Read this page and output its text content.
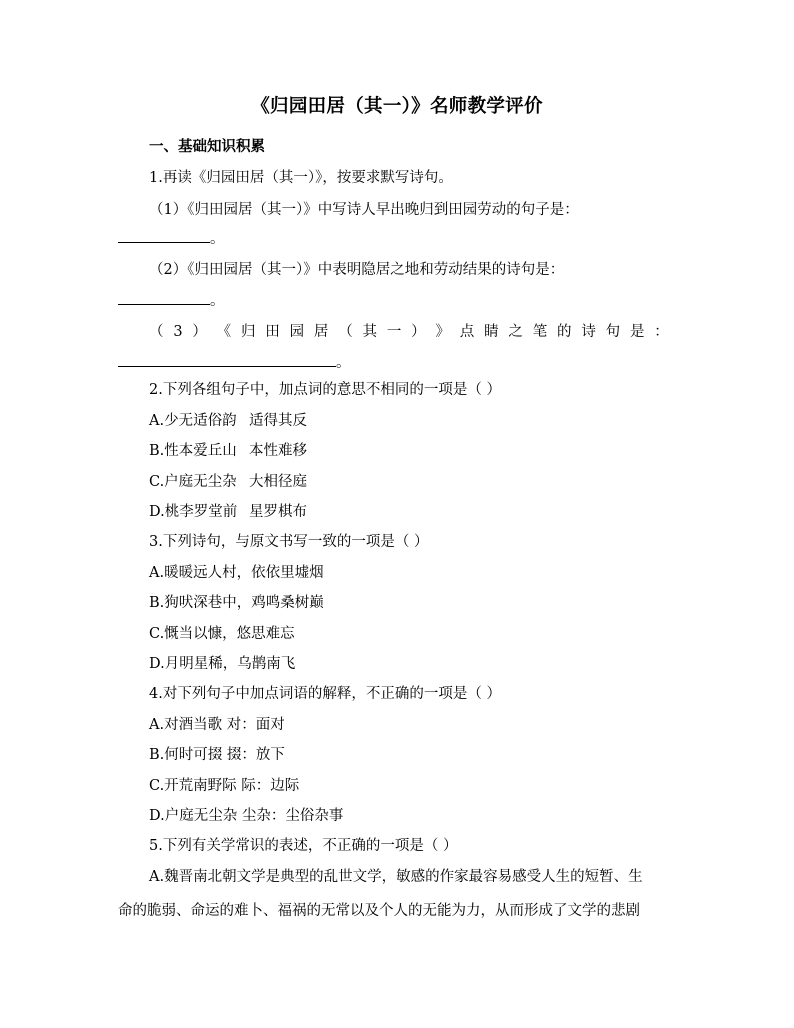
《归园田居（其一）》名师教学评价
一、基础知识积累
1.再读《归园田居（其一）》，按要求默写诗句。
（1）《归田园居（其一）》中写诗人早出晚归到田园劳动的句子是：
。
（2）《归田园居（其一）》中表明隐居之地和劳动结果的诗句是：
。
（ 3 ） 《 归 田 园 居 （ 其 一 ） 》 点 睛 之 笔 的 诗 句 是 ：
。
2.下列各组句子中，加点词的意思不相同的一项是（ ）
A.少无适俗韵 适得其反
B.性本爱丘山 本性难移
C.户庭无尘杂 大相径庭
D.桃李罗堂前 星罗棋布
3.下列诗句，与原文书写一致的一项是（ ）
A.暖暖远人村，依依里墟烟
B.狗吠深巷中，鸡鸣桑树巅
C.慨当以慷，悠思难忘
D.月明星稀，乌鹊南飞
4.对下列句子中加点词语的解释，不正确的一项是（ ）
A.对酒当歌 对：面对
B.何时可掇 掇：放下
C.开荒南野际 际：边际
D.户庭无尘杂 尘杂：尘俗杂事
5.下列有关学常识的表述，不正确的一项是（ ）
A.魏晋南北朝文学是典型的乱世文学，敏感的作家最容易感受人生的短暂、生
命的脆弱、命运的难卜、福祸的无常以及个人的无能为力，从而形成了文学的悲剧
